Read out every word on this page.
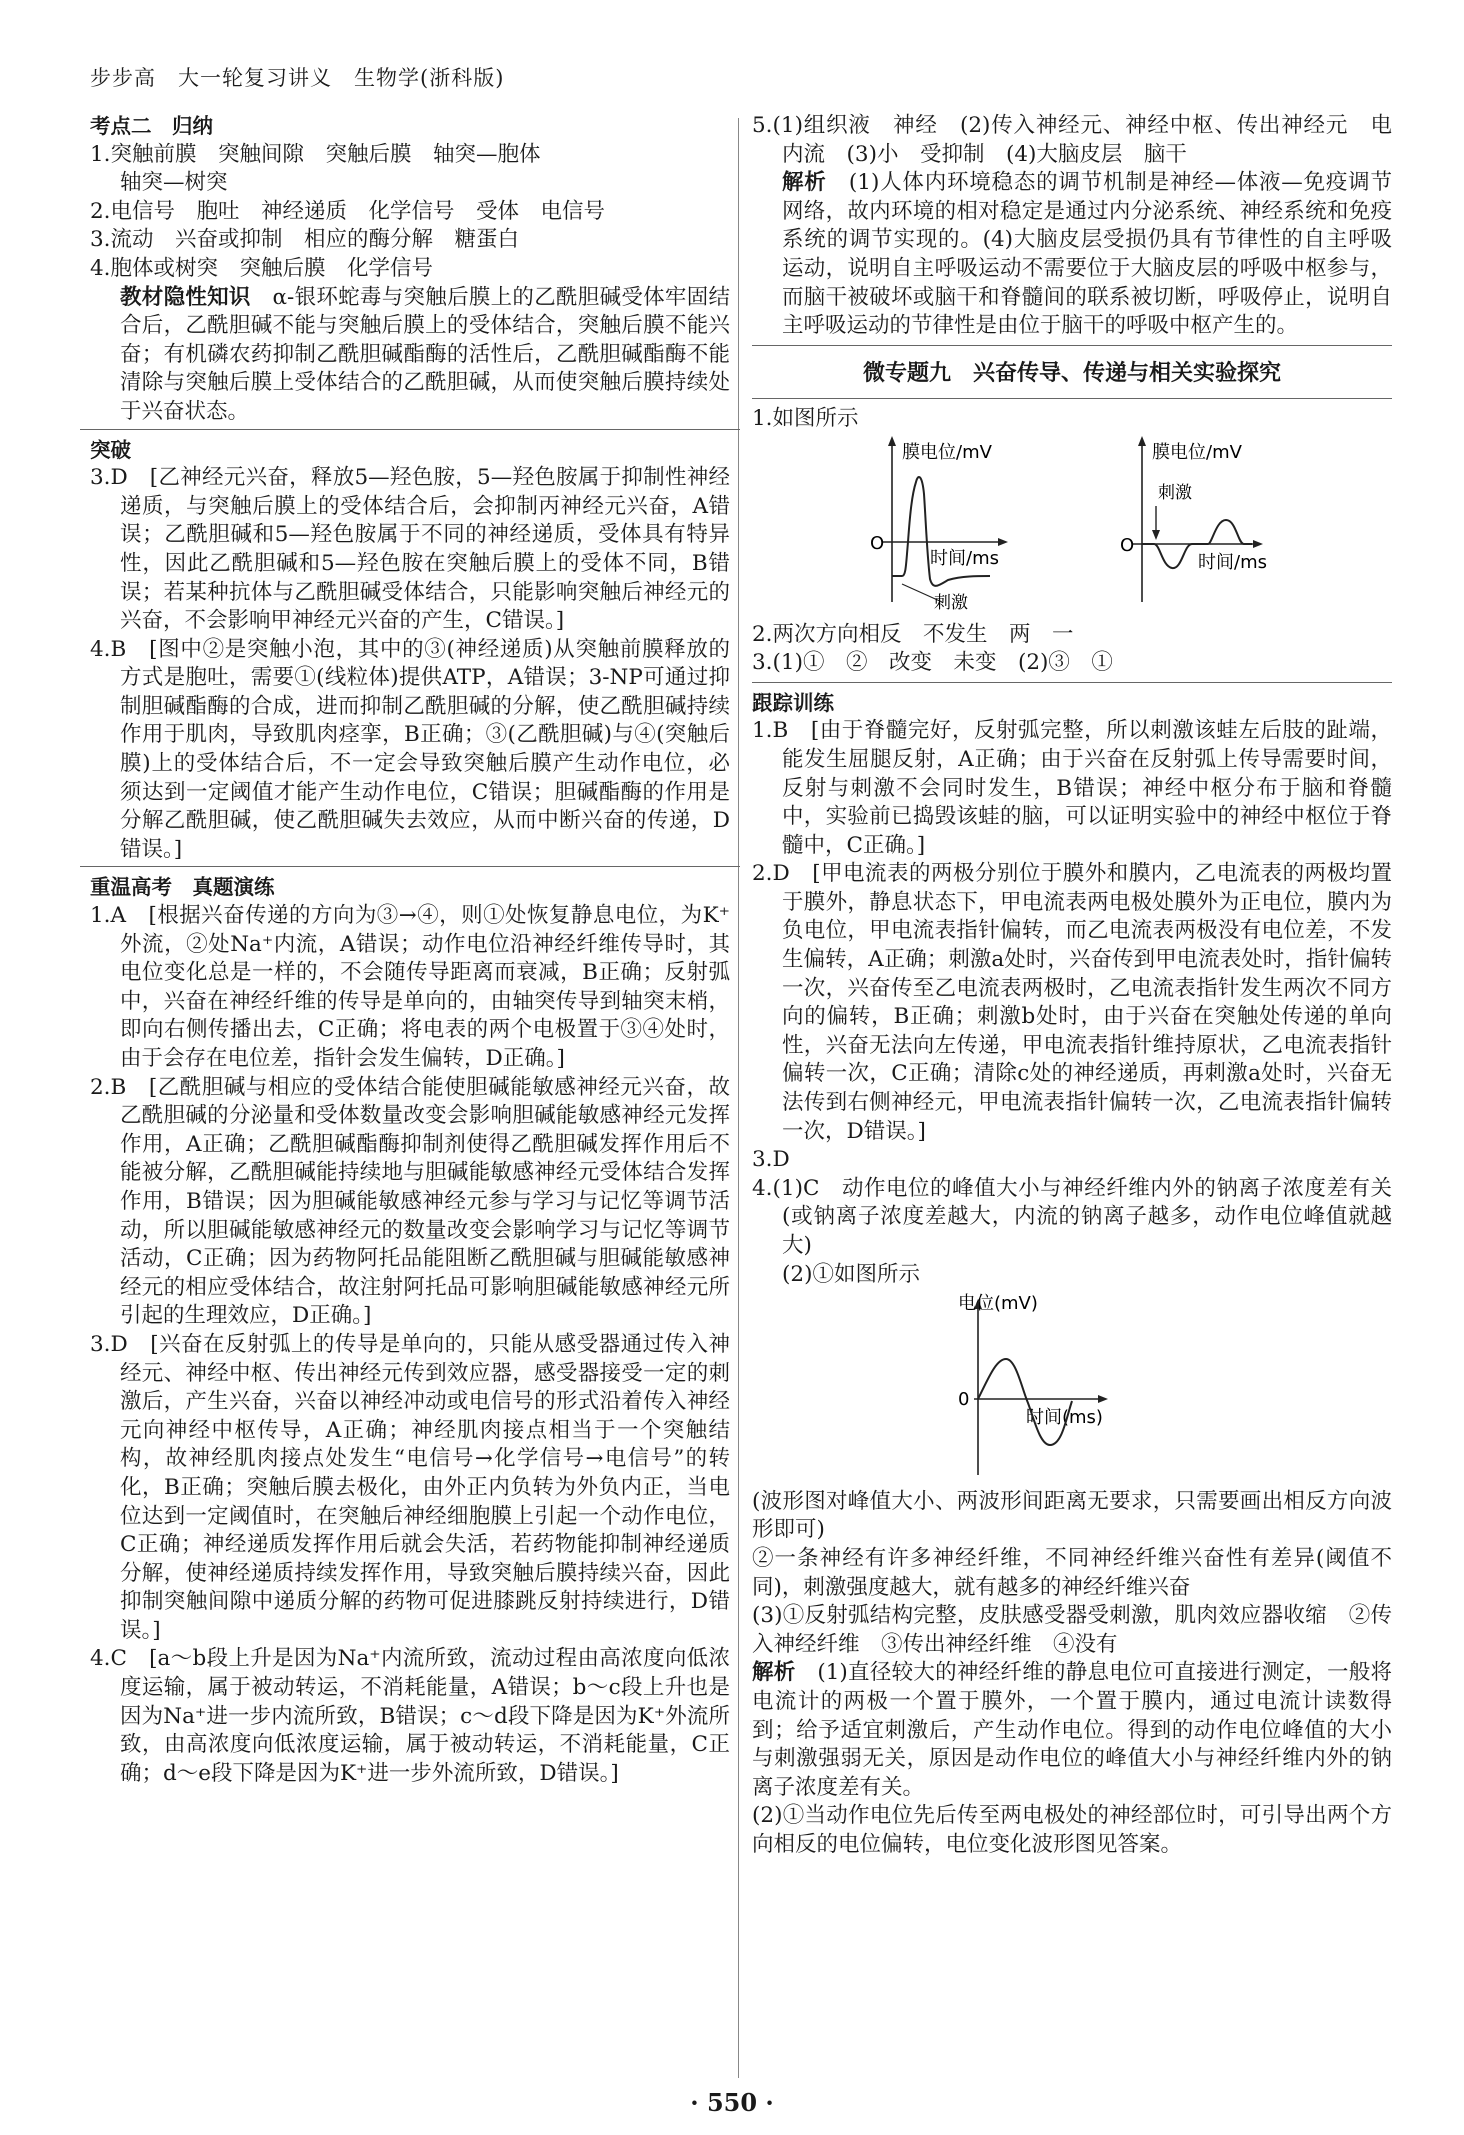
步步高　大一轮复习讲义　生物学(浙科版)
考点二　归纳

1.突触前膜　突触间隙　突触后膜　轴突—胞体

轴突—树突

2.电信号　胞吐　神经递质　化学信号　受体　电信号

3.流动　兴奋或抑制　相应的酶分解　糖蛋白

4.胞体或树突　突触后膜　化学信号

教材隐性知识　 α-银环蛇毒与突触后膜上的乙酰胆碱受体牢固结合后，乙酰胆碱不能与突触后膜上的受体结合，突触后膜不能兴奋；有机磷农药抑制乙酰胆碱酯酶的活性后，乙酰胆碱酯酶不能清除与突触后膜上受体结合的乙酰胆碱，从而使突触后膜持续处于兴奋状态。

突破

3.D　[乙神经元兴奋，释放5—羟色胺，5—羟色胺属于抑制性神经递质，与突触后膜上的受体结合后，会抑制丙神经元兴奋，A错误；乙酰胆碱和5—羟色胺属于不同的神经递质，受体具有特异性，因此乙酰胆碱和5—羟色胺在突触后膜上的受体不同，B错误；若某种抗体与乙酰胆碱受体结合，只能影响突触后神经元的兴奋，不会影响甲神经元兴奋的产生，C错误。]

4.B　[图中②是突触小泡，其中的③(神经递质)从突触前膜释放的方式是胞吐，需要①(线粒体)提供ATP，A错误；3-NP可通过抑制胆碱酯酶的合成，进而抑制乙酰胆碱的分解，使乙酰胆碱持续作用于肌肉，导致肌肉痉挛，B正确；③(乙酰胆碱)与④(突触后膜)上的受体结合后，不一定会导致突触后膜产生动作电位，必须达到一定阈值才能产生动作电位，C错误；胆碱酯酶的作用是分解乙酰胆碱，使乙酰胆碱失去效应，从而中断兴奋的传递，D错误。]

重温高考　真题演练

1.A　[根据兴奋传递的方向为③→④，则①处恢复静息电位，为K⁺外流，②处Na⁺内流，A错误；动作电位沿神经纤维传导时，其电位变化总是一样的，不会随传导距离而衰减，B正确；反射弧中，兴奋在神经纤维的传导是单向的，由轴突传导到轴突末梢，即向右侧传播出去，C正确；将电表的两个电极置于③④处时，由于会存在电位差，指针会发生偏转，D正确。]

2.B　[乙酰胆碱与相应的受体结合能使胆碱能敏感神经元兴奋，故乙酰胆碱的分泌量和受体数量改变会影响胆碱能敏感神经元发挥作用，A正确；乙酰胆碱酯酶抑制剂使得乙酰胆碱发挥作用后不能被分解，乙酰胆碱能持续地与胆碱能敏感神经元受体结合发挥作用，B错误；因为胆碱能敏感神经元参与学习与记忆等调节活动，所以胆碱能敏感神经元的数量改变会影响学习与记忆等调节活动，C正确；因为药物阿托品能阻断乙酰胆碱与胆碱能敏感神经元的相应受体结合，故注射阿托品可影响胆碱能敏感神经元所引起的生理效应，D正确。]

3.D　[兴奋在反射弧上的传导是单向的，只能从感受器通过传入神经元、神经中枢、传出神经元传到效应器，感受器接受一定的刺激后，产生兴奋，兴奋以神经冲动或电信号的形式沿着传入神经元向神经中枢传导，A正确；神经肌肉接点相当于一个突触结构，故神经肌肉接点处发生“电信号→化学信号→电信号”的转化，B正确；突触后膜去极化，由外正内负转为外负内正，当电位达到一定阈值时，在突触后神经细胞膜上引起一个动作电位，C正确；神经递质发挥作用后就会失活，若药物能抑制神经递质分解，使神经递质持续发挥作用，导致突触后膜持续兴奋，因此抑制突触间隙中递质分解的药物可促进膝跳反射持续进行，D错误。]

4.C　[a～b段上升是因为Na⁺内流所致，流动过程由高浓度向低浓度运输，属于被动转运，不消耗能量，A错误；b～c段上升也是因为Na⁺进一步内流所致，B错误；c～d段下降是因为K⁺外流所致，由高浓度向低浓度运输，属于被动转运，不消耗能量，C正确；d～e段下降是因为K⁺进一步外流所致，D错误。]

5.(1)组织液　神经　(2)传入神经元、神经中枢、传出神经元　电　内流　(3)小　受抑制　(4)大脑皮层　脑干

解析　 (1)人体内环境稳态的调节机制是神经—体液—免疫调节网络，故内环境的相对稳定是通过内分泌系统、神经系统和免疫系统的调节实现的。(4)大脑皮层受损仍具有节律性的自主呼吸运动，说明自主呼吸运动不需要位于大脑皮层的呼吸中枢参与，而脑干被破坏或脑干和脊髓间的联系被切断，呼吸停止，说明自主呼吸运动的节律性是由位于脑干的呼吸中枢产生的。

微专题九　兴奋传导、传递与相关实验探究

1.如图所示

膜电位/mV
O
时间/ms
刺激
膜电位/mV
O
时间/ms
刺激

2.两次方向相反　不发生　两　一

3.(1)①　②　改变　未变　(2)③　①

跟踪训练

1.B　[由于脊髓完好，反射弧完整，所以刺激该蛙左后肢的趾端，能发生屈腿反射，A正确；由于兴奋在反射弧上传导需要时间，反射与刺激不会同时发生，B错误；神经中枢分布于脑和脊髓中，实验前已捣毁该蛙的脑，可以证明实验中的神经中枢位于脊髓中，C正确。]

2.D　[甲电流表的两极分别位于膜外和膜内，乙电流表的两极均置于膜外，静息状态下，甲电流表两电极处膜外为正电位，膜内为负电位，甲电流表指针偏转，而乙电流表两极没有电位差，不发生偏转，A正确；刺激a处时，兴奋传到甲电流表处时，指针偏转一次，兴奋传至乙电流表两极时，乙电流表指针发生两次不同方向的偏转，B正确；刺激b处时，由于兴奋在突触处传递的单向性，兴奋无法向左传递，甲电流表指针维持原状，乙电流表指针偏转一次，C正确；清除c处的神经递质，再刺激a处时，兴奋无法传到右侧神经元，甲电流表指针偏转一次，乙电流表指针偏转一次，D错误。]

3.D

4.(1)C　动作电位的峰值大小与神经纤维内外的钠离子浓度差有关(或钠离子浓度差越大，内流的钠离子越多，动作电位峰值就越大)

(2)①如图所示

电位(mV)
0
时间(ms)

(波形图对峰值大小、两波形间距离无要求，只需要画出相反方向波形即可)

②一条神经有许多神经纤维，不同神经纤维兴奋性有差异(阈值不同)，刺激强度越大，就有越多的神经纤维兴奋

(3)①反射弧结构完整，皮肤感受器受刺激，肌肉效应器收缩　②传入神经纤维　③传出神经纤维　④没有

解析　 (1)直径较大的神经纤维的静息电位可直接进行测定，一般将电流计的两极一个置于膜外，一个置于膜内，通过电流计读数得到；给予适宜刺激后，产生动作电位。得到的动作电位峰值的大小与刺激强弱无关，原因是动作电位的峰值大小与神经纤维内外的钠离子浓度差有关。

(2)①当动作电位先后传至两电极处的神经部位时，可引导出两个方向相反的电位偏转，电位变化波形图见答案。

· 550 ·
